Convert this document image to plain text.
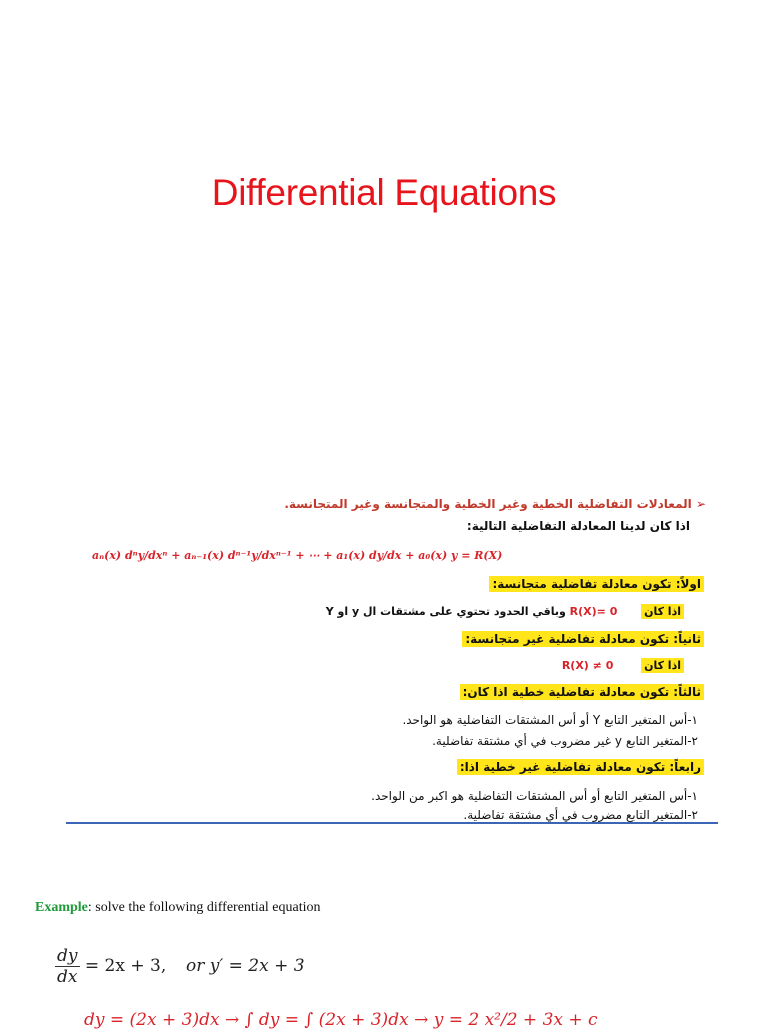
Differential Equations
➢ المعادلات التفاضلية الخطية وغير الخطية والمتجانسة وغير المتجانسة.
اذا كان لدينا المعادلة التفاضلية التالية:
aₙ(x) dⁿy/dxⁿ + aₙ₋₁(x) dⁿ⁻¹y/dxⁿ⁻¹ + ⋯ + a₁(x) dy/dx + a₀(x) y = R(X)
اولاً: تكون معادلة تفاضلية متجانسة:
اذا كان  R(X)= 0 وباقي الحدود تحتوي على مشتقات ال y او Y
ثانياً: تكون معادلة تفاضلية غير متجانسة:
اذا كان  R(X) ≠ 0
ثالثاً: تكون معادلة تفاضلية خطية اذا كان:
١-أس المتغير التابع Y أو أس المشتقات التفاضلية هو الواحد.
٢-المتغير التابع y غير مضروب في أي مشتقة تفاضلية.
رابعاً: تكون معادلة تفاضلية غير خطية اذا:
١-أس المتغير التابع أو أس المشتقات التفاضلية هو اكبر من الواحد.
٢-المتغير التابع مضروب في أي مشتقة تفاضلية.
Example: solve the following differential equation
$\frac{dy}{dx} = 2x + 3$, or y′ = 2x + 3
dy = (2x + 3)dx → ∫ dy = ∫ (2x + 3)dx → y = 2 x²/2 + 3x + c
